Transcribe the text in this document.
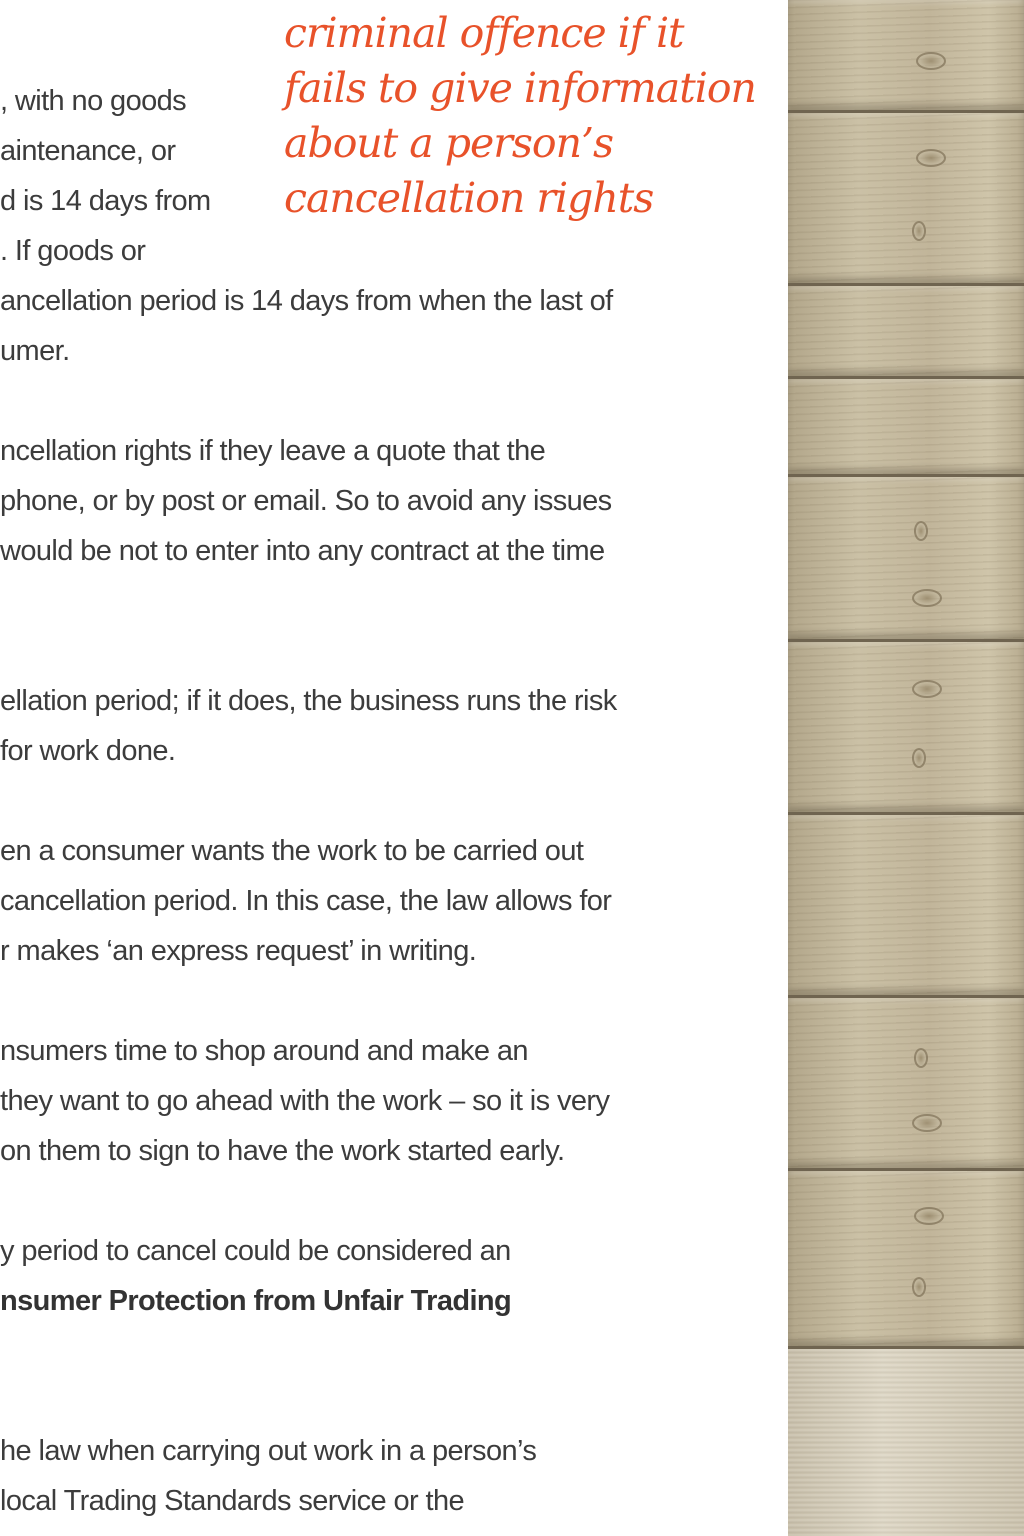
, with no goods
aintenance, or
d is 14 days from
. If goods or
ancellation period is 14 days from when the last of
umer.
ncellation rights if they leave a quote that the
phone, or by post or email. So to avoid any issues
would be not to enter into any contract at the time
ellation period; if it does, the business runs the risk
for work done.
en a consumer wants the work to be carried out
cancellation period. In this case, the law allows for
r makes ‘an express request’ in writing.
nsumers time to shop around and make an
they want to go ahead with the work – so it is very
on them to sign to have the work started early.
y period to cancel could be considered an
nsumer Protection from Unfair Trading
he law when carrying out work in a person’s
local Trading Standards service or the
criminal offence if it
fails to give information
about a person’s
cancellation rights
